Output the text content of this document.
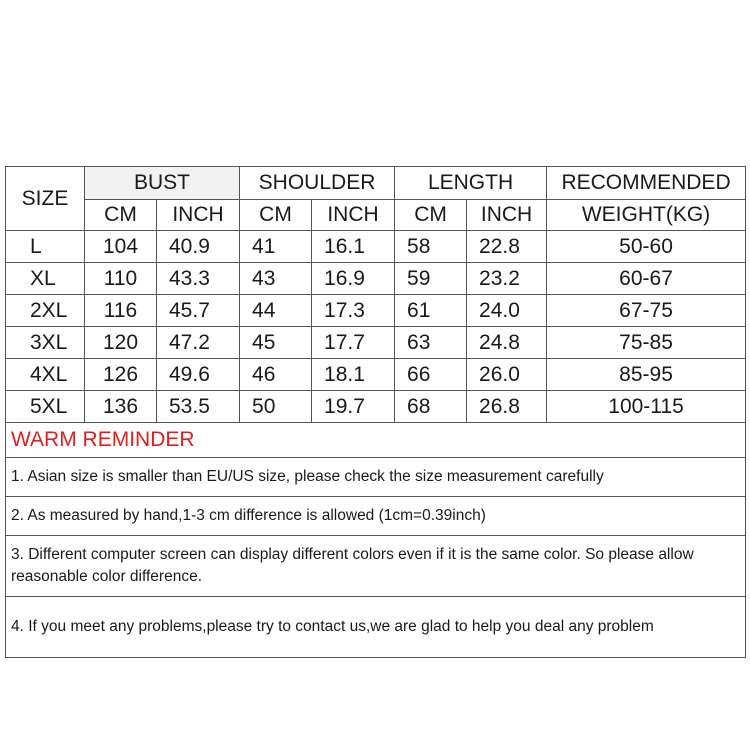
SIZE	BUST		SHOULDER		LENGTH		RECOMMENDED
	CM	INCH	CM	INCH	CM	INCH	WEIGHT(KG)
L	104	40.9	41	16.1	58	22.8	50-60
XL	110	43.3	43	16.9	59	23.2	60-67
2XL	116	45.7	44	17.3	61	24.0	67-75
3XL	120	47.2	45	17.7	63	24.8	75-85
4XL	126	49.6	46	18.1	66	26.0	85-95
5XL	136	53.5	50	19.7	68	26.8	100-115
WARM REMINDER							
1. Asian size is smaller than EU/US size, please check the size measurement carefully							
2. As measured by hand,1-3 cm difference is allowed (1cm=0.39inch)							
3. Different computer screen can display different colors even if it is the same color. So please allow reasonable color difference.							
4. If you meet any problems,please try to contact us,we are glad to help you deal any problem							
